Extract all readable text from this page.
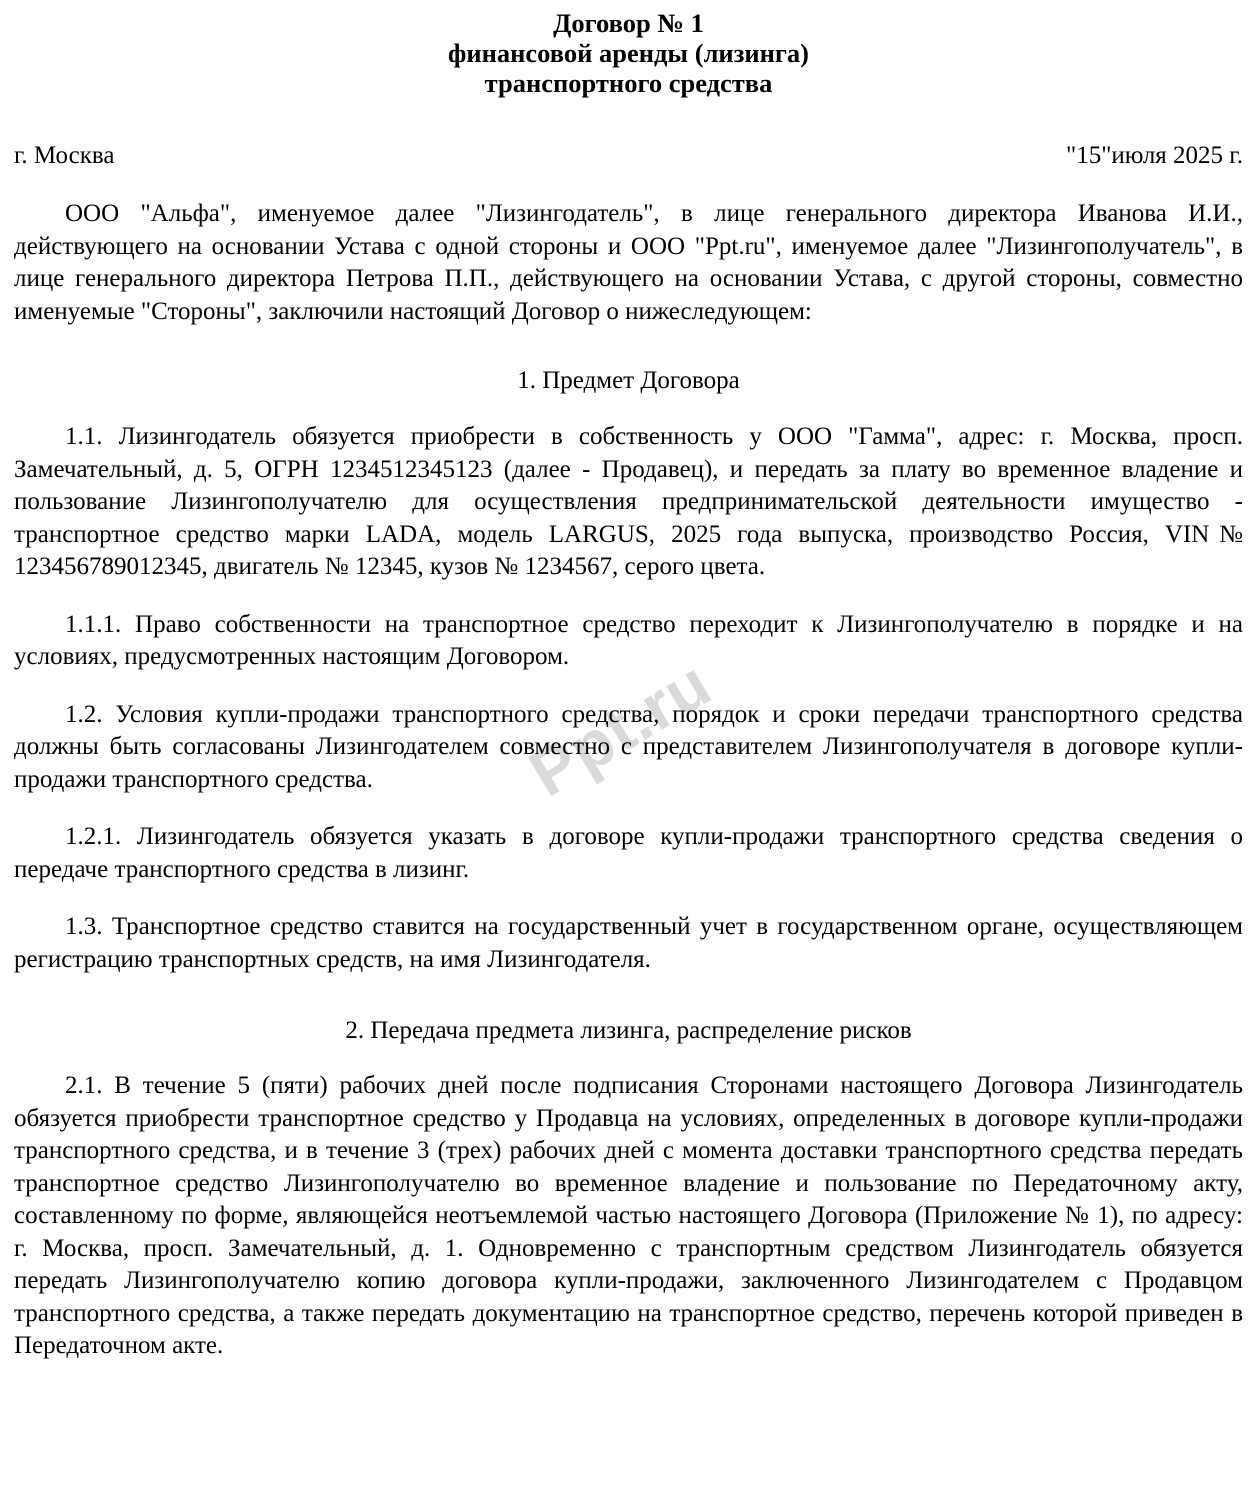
Ppt.ru
Договор № 1
финансовой аренды (лизинга)
транспортного средства
г. Москва	"15"июля 2025 г.

ООО "Альфа", именуемое далее "Лизингодатель", в лице генерального директора Иванова И.И., действующего на основании Устава с одной стороны и ООО "Ppt.ru", именуемое далее "Лизингополучатель", в лице генерального директора Петрова П.П., действующего на основании Устава, с другой стороны, совместно именуемые "Стороны", заключили настоящий Договор о нижеследующем:

1. Предмет Договора

1.1. Лизингодатель обязуется приобрести в собственность у ООО "Гамма", адрес: г. Москва, просп. Замечательный, д. 5, ОГРН 1234512345123 (далее - Продавец), и передать за плату во временное владение и пользование Лизингополучателю для осуществления предпринимательской деятельности имущество - транспортное средство марки LADA, модель LARGUS, 2025 года выпуска, производство Россия, VIN№ 123456789012345, двигатель № 12345, кузов № 1234567, серого цвета.

1.1.1. Право собственности на транспортное средство переходит к Лизингополучателю в порядке и на условиях, предусмотренных настоящим Договором.

1.2. Условия купли-продажи транспортного средства, порядок и сроки передачи транспортного средства должны быть согласованы Лизингодателем совместно с представителем Лизингополучателя в договоре купли-продажи транспортного средства.

1.2.1. Лизингодатель обязуется указать в договоре купли-продажи транспортного средства сведения о передаче транспортного средства в лизинг.

1.3. Транспортное средство ставится на государственный учет в государственном органе, осуществляющем регистрацию транспортных средств, на имя Лизингодателя.

2. Передача предмета лизинга, распределение рисков

2.1. В течение 5 (пяти) рабочих дней после подписания Сторонами настоящего Договора Лизингодатель обязуется приобрести транспортное средство у Продавца на условиях, определенных в договоре купли-продажи транспортного средства, и в течение 3 (трех) рабочих дней с момента доставки транспортного средства передать транспортное средство Лизингополучателю во временное владение и пользование по Передаточному акту, составленному по форме, являющейся неотъемлемой частью настоящего Договора (Приложение № 1), по адресу: г. Москва, просп. Замечательный, д. 1. Одновременно с транспортным средством Лизингодатель обязуется передать Лизингополучателю копию договора купли-продажи, заключенного Лизингодателем с Продавцом транспортного средства, а также передать документацию на транспортное средство, перечень которой приведен в Передаточном акте.
